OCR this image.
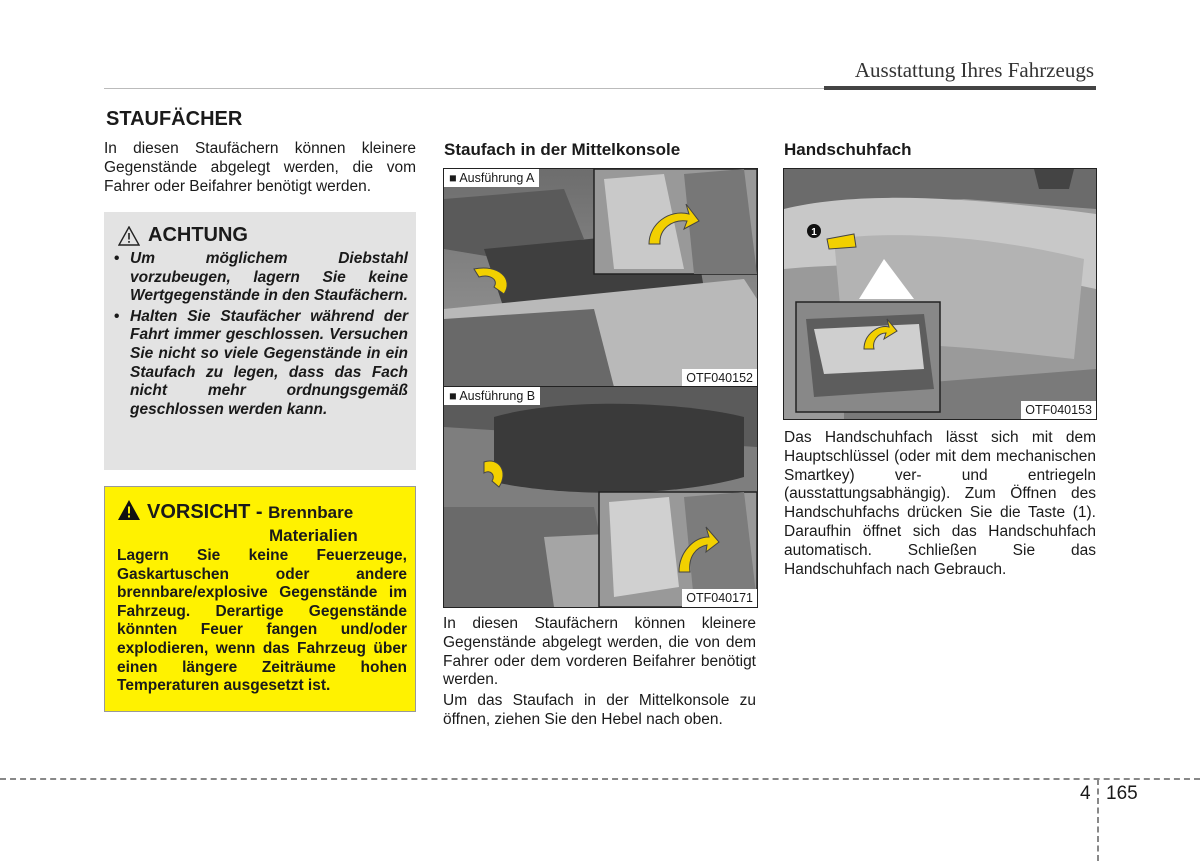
Ausstattung Ihres Fahrzeugs
STAUFÄCHER
In diesen Staufächern können kleinere Gegenstände abgelegt werden, die vom Fahrer oder Beifahrer benötigt werden.
ACHTUNG
• Um möglichem Diebstahl vorzubeugen, lagern Sie keine Wertgegenstände in den Staufächern.
• Halten Sie Staufächer während der Fahrt immer geschlossen. Versuchen Sie nicht so viele Gegenstände in ein Staufach zu legen, dass das Fach nicht mehr ordnungsgemäß geschlossen werden kann.
VORSICHT - Brennbare
Materialien
Lagern Sie keine Feuerzeuge, Gaskartuschen oder andere brennbare/explosive Gegenstände im Fahrzeug. Derartige Gegenstände könnten Feuer fangen und/oder explodieren, wenn das Fahrzeug über einen längere Zeiträume hohen Temperaturen ausgesetzt ist.
Staufach in der Mittelkonsole
■ Ausführung A
OTF040152
■ Ausführung B
OTF040171
In diesen Staufächern können kleinere Gegenstände abgelegt werden, die von dem Fahrer oder dem vorderen Beifahrer benötigt werden.
Um das Staufach in der Mittelkonsole zu öffnen, ziehen Sie den Hebel nach oben.
Handschuhfach
1
OTF040153
Das Handschuhfach lässt sich mit dem Hauptschlüssel (oder mit dem mechanischen Smartkey) ver- und entriegeln (ausstattungsabhängig). Zum Öffnen des Handschuhfachs drücken Sie die Taste (1). Daraufhin öffnet sich das Handschuhfach automatisch. Schließen Sie das Handschuhfach nach Gebrauch.
4 165
